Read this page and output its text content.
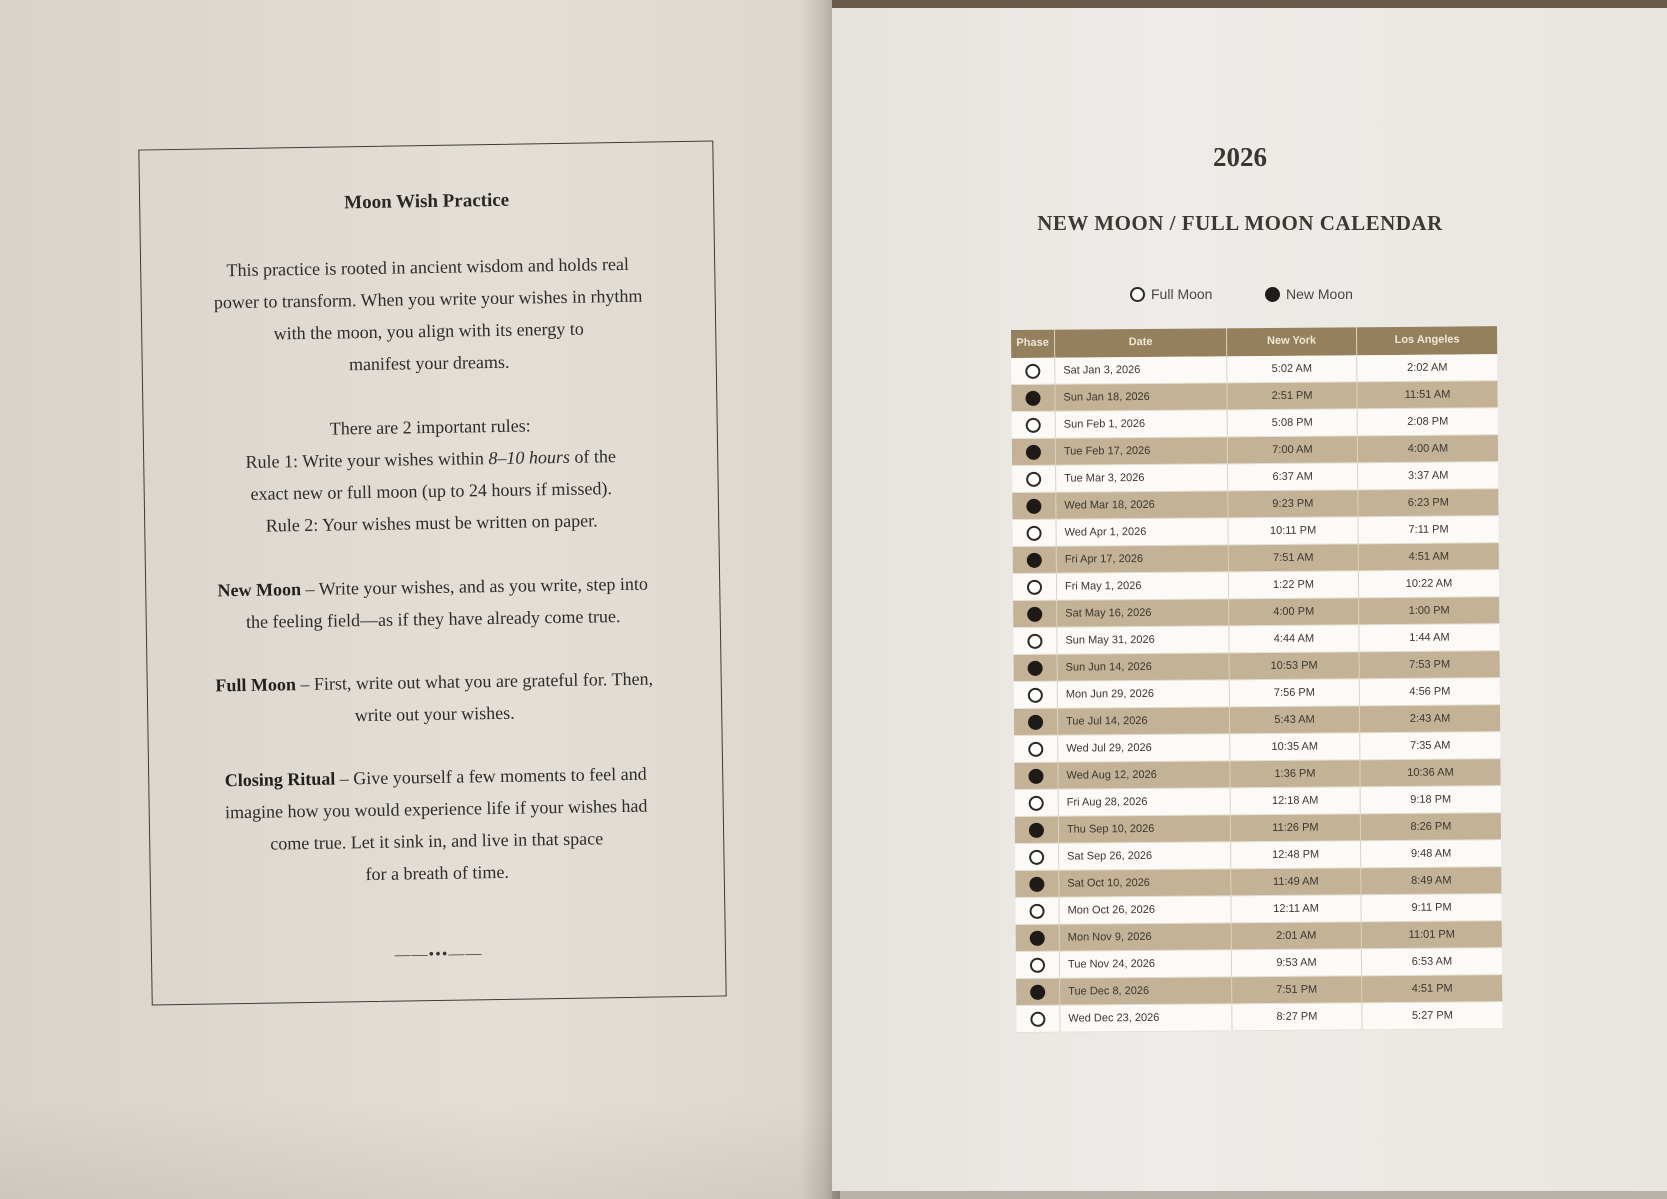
Moon Wish Practice
This practice is rooted in ancient wisdom and holds real
power to transform. When you write your wishes in rhythm
with the moon, you align with its energy to
manifest your dreams.
There are 2 important rules:
Rule 1: Write your wishes within 8–10 hours of the
exact new or full moon (up to 24 hours if missed).
Rule 2: Your wishes must be written on paper.
New Moon – Write your wishes, and as you write, step into
the feeling field—as if they have already come true.
Full Moon – First, write out what you are grateful for. Then,
write out your wishes.
Closing Ritual – Give yourself a few moments to feel and
imagine how you would experience life if your wishes had
come true. Let it sink in, and live in that space
for a breath of time.
——•••——
2026
NEW MOON / FULL MOON CALENDAR
Full Moon	New Moon
Phase	Date	New York	Los Angeles
Sat Jan 3, 2026	5:02 AM	2:02 AM
Sun Jan 18, 2026	2:51 PM	11:51 AM
Sun Feb 1, 2026	5:08 PM	2:08 PM
Tue Feb 17, 2026	7:00 AM	4:00 AM
Tue Mar 3, 2026	6:37 AM	3:37 AM
Wed Mar 18, 2026	9:23 PM	6:23 PM
Wed Apr 1, 2026	10:11 PM	7:11 PM
Fri Apr 17, 2026	7:51 AM	4:51 AM
Fri May 1, 2026	1:22 PM	10:22 AM
Sat May 16, 2026	4:00 PM	1:00 PM
Sun May 31, 2026	4:44 AM	1:44 AM
Sun Jun 14, 2026	10:53 PM	7:53 PM
Mon Jun 29, 2026	7:56 PM	4:56 PM
Tue Jul 14, 2026	5:43 AM	2:43 AM
Wed Jul 29, 2026	10:35 AM	7:35 AM
Wed Aug 12, 2026	1:36 PM	10:36 AM
Fri Aug 28, 2026	12:18 AM	9:18 PM
Thu Sep 10, 2026	11:26 PM	8:26 PM
Sat Sep 26, 2026	12:48 PM	9:48 AM
Sat Oct 10, 2026	11:49 AM	8:49 AM
Mon Oct 26, 2026	12:11 AM	9:11 PM
Mon Nov 9, 2026	2:01 AM	11:01 PM
Tue Nov 24, 2026	9:53 AM	6:53 AM
Tue Dec 8, 2026	7:51 PM	4:51 PM
Wed Dec 23, 2026	8:27 PM	5:27 PM
